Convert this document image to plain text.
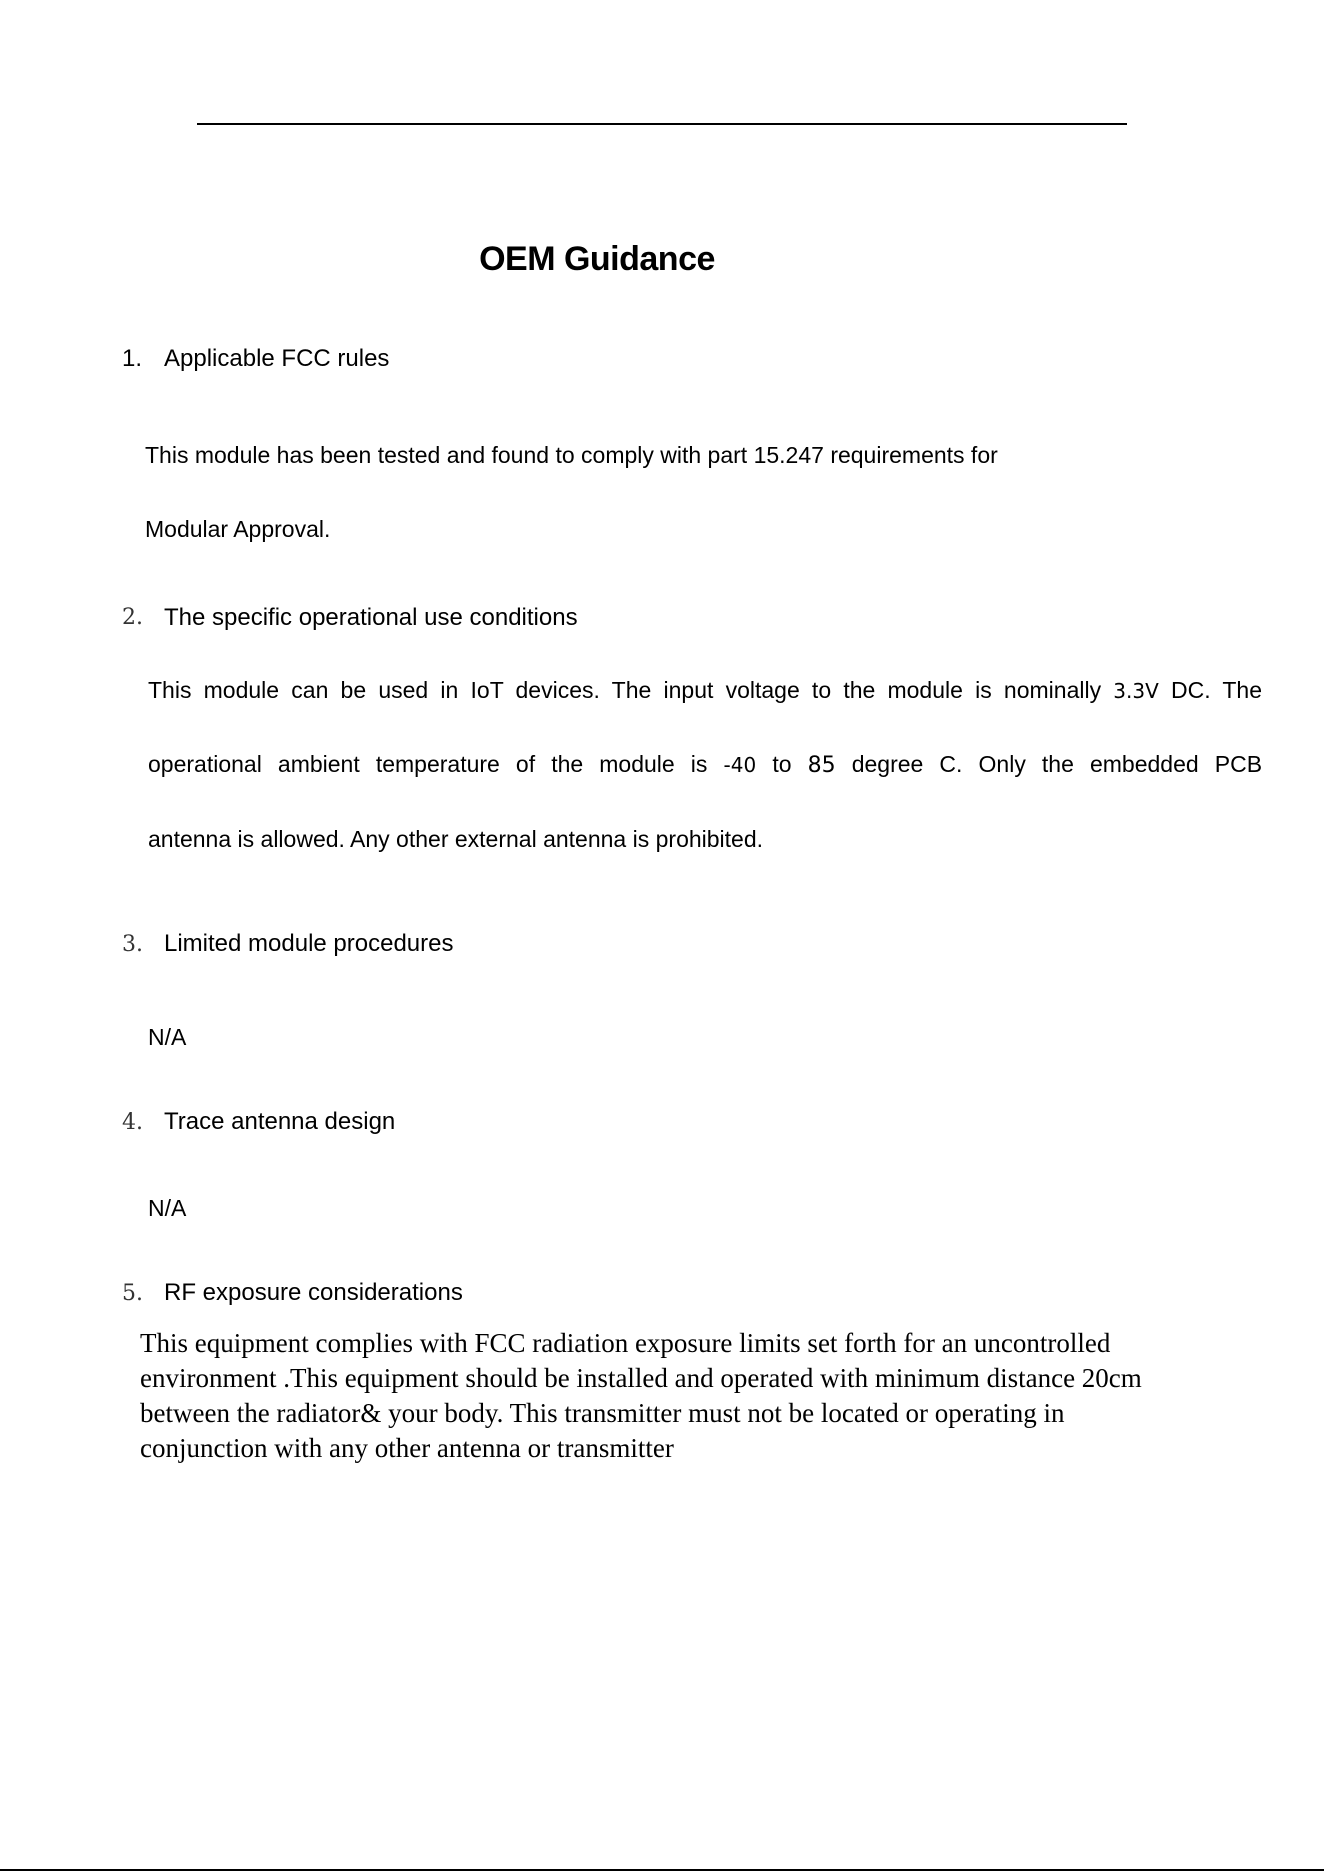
OEM Guidance
1. Applicable FCC rules
This module has been tested and found to comply with part 15.247 requirements for
Modular Approval.
2. The specific operational use conditions
This module can be used in IoT devices. The input voltage to the module is nominally 3.3V DC. The
operational ambient temperature of the module is -40 to 85 degree C. Only the embedded PCB
antenna is allowed. Any other external antenna is prohibited.
3. Limited module procedures
N/A
4. Trace antenna design
N/A
5. RF exposure considerations
This equipment complies with FCC radiation exposure limits set forth for an uncontrolled
environment .This equipment should be installed and operated with minimum distance 20cm
between the radiator& your body. This transmitter must not be located or operating in
conjunction with any other antenna or transmitter
